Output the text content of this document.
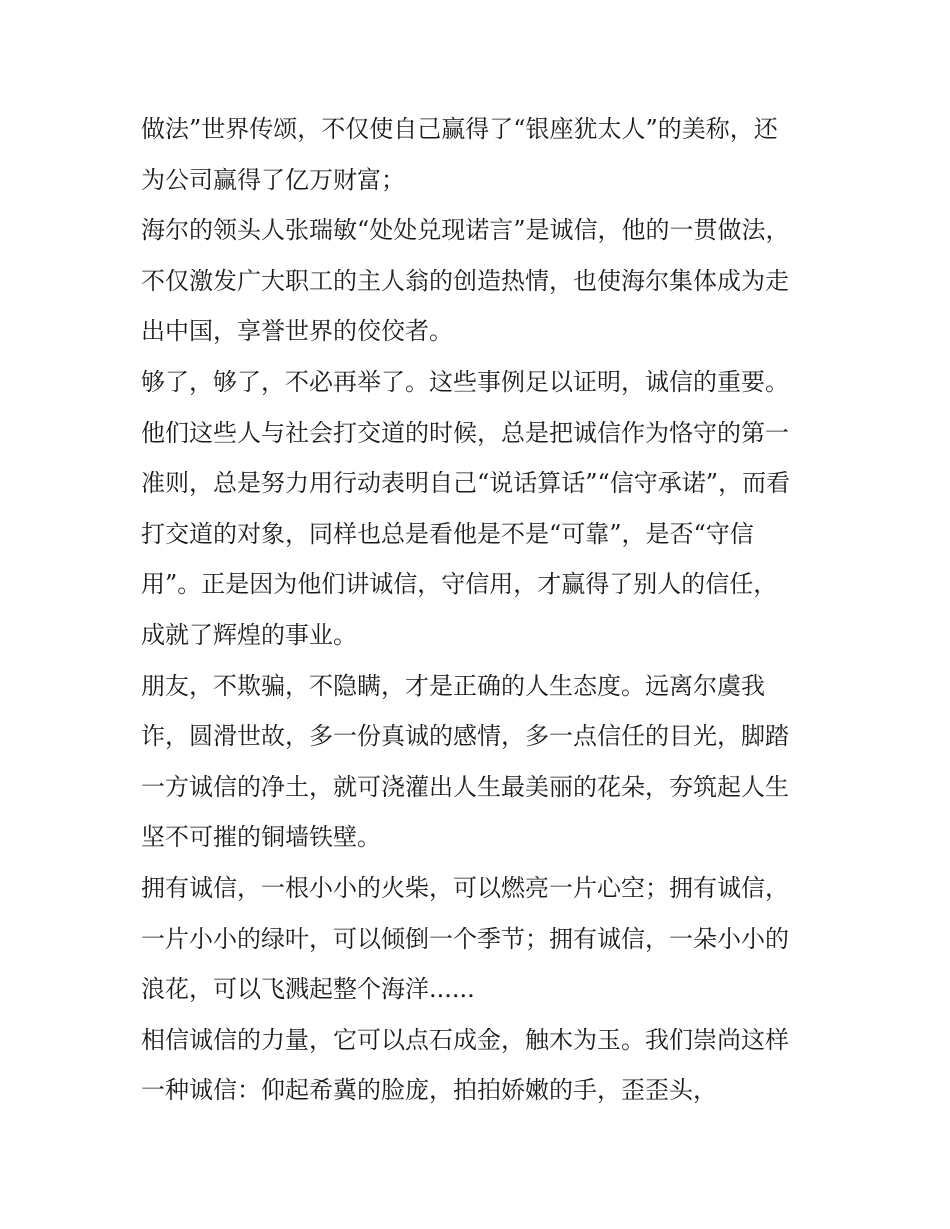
做法”世界传颂，不仅使自己赢得了“银座犹太人”的美称，还
为公司赢得了亿万财富；
海尔的领头人张瑞敏“处处兑现诺言”是诚信，他的一贯做法，
不仅激发广大职工的主人翁的创造热情，也使海尔集体成为走
出中国，享誉世界的佼佼者。
够了，够了，不必再举了。这些事例足以证明，诚信的重要。
他们这些人与社会打交道的时候，总是把诚信作为恪守的第一
准则，总是努力用行动表明自己“说话算话”“信守承诺”，而看
打交道的对象，同样也总是看他是不是“可靠”，是否“守信
用”。正是因为他们讲诚信，守信用，才赢得了别人的信任，
成就了辉煌的事业。
朋友，不欺骗，不隐瞒，才是正确的人生态度。远离尔虞我
诈，圆滑世故，多一份真诚的感情，多一点信任的目光，脚踏
一方诚信的净土，就可浇灌出人生最美丽的花朵，夯筑起人生
坚不可摧的铜墙铁壁。
拥有诚信，一根小小的火柴，可以燃亮一片心空；拥有诚信，
一片小小的绿叶，可以倾倒一个季节；拥有诚信，一朵小小的
浪花，可以飞溅起整个海洋......
相信诚信的力量，它可以点石成金，触木为玉。我们崇尚这样
一种诚信：仰起希冀的脸庞，拍拍娇嫩的手，歪歪头，
